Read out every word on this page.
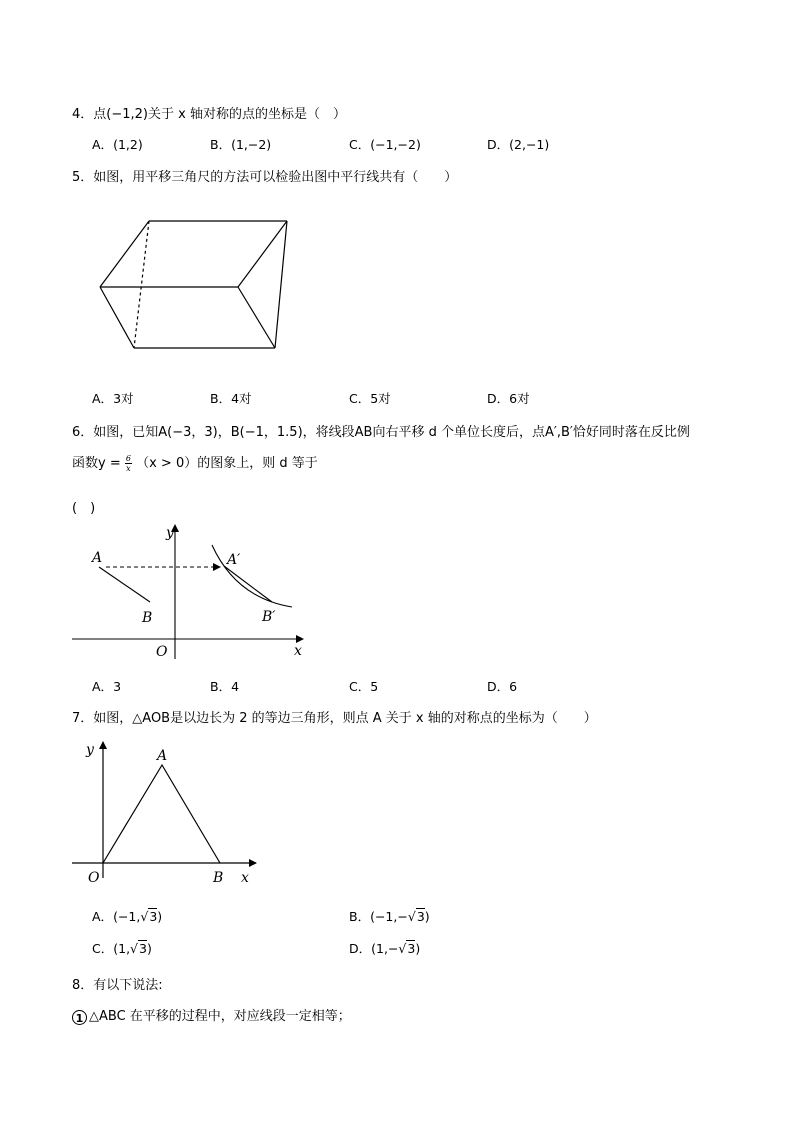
4．点(−1,2)关于 x 轴对称的点的坐标是（　）
A．(1,2)	B．(1,−2)	C．(−1,−2)	D．(2,−1)
5．如图，用平移三角尺的方法可以检验出图中平行线共有（　　）
A．3对	B．4对	C．5对	D．6对
6．如图，已知A(−3，3)，B(−1，1.5)，将线段AB向右平移 d 个单位长度后，点A′,B′恰好同时落在反比例
函数$y = \frac{6}{x} (x > 0)$的图象上，则 d 等于
(　)
y
x
O
A
B
A′
B′
A．3	B．4	C．5	D．6
7．如图，△AOB是以边长为 2 的等边三角形，则点 A 关于 x 轴的对称点的坐标为（　　）
y
x
O
A
B
A．(−1,√3)	B．(−1,−√3)
C．(1,√3)	D．(1,−√3)
8．有以下说法:
1 △ABC 在平移的过程中，对应线段一定相等；
